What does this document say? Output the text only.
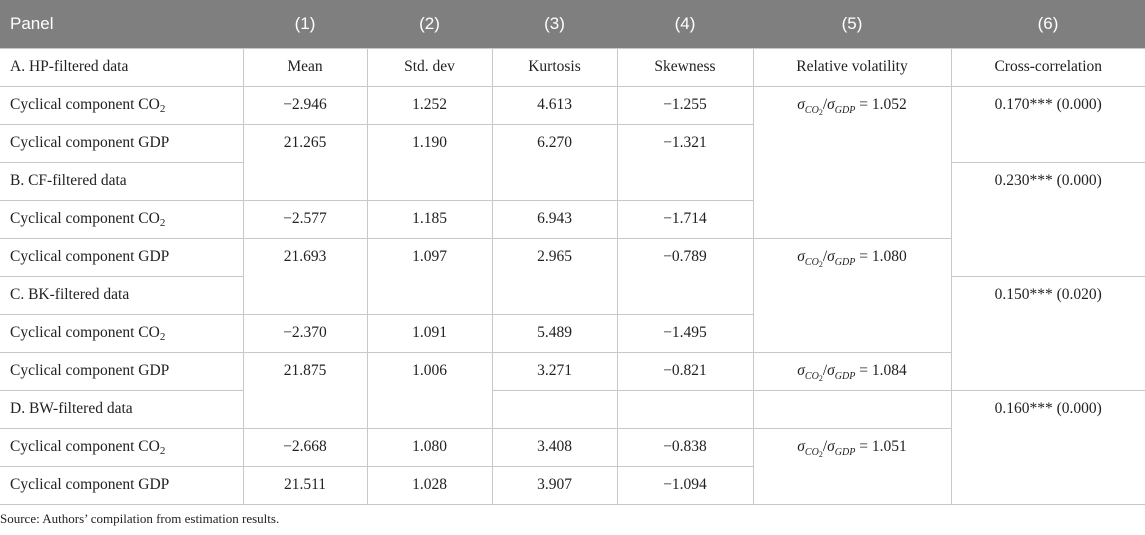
Panel	(1)	(2)	(3)	(4)	(5)	(6)
A. HP-filtered data	Mean	Std. dev	Kurtosis	Skewness	Relative volatility	Cross-correlation
Cyclical component $CO_2$	−2.946	1.252	4.613	−1.255	$\sigma_{CO_2}/\sigma_{GDP} = 1.052$	0.170*** (0.000)
Cyclical component GDP	21.265	1.190	6.270	−1.321		
B. CF-filtered data						0.230*** (0.000)
Cyclical component $CO_2$	−2.577	1.185	6.943	−1.714		
Cyclical component GDP	21.693	1.097	2.965	−0.789	$\sigma_{CO_2}/\sigma_{GDP} = 1.080$	
C. BK-filtered data						0.150*** (0.020)
Cyclical component $CO_2$	−2.370	1.091	5.489	−1.495		
Cyclical component GDP	21.875	1.006	3.271	−0.821	$\sigma_{CO_2}/\sigma_{GDP} = 1.084$	
D. BW-filtered data						0.160*** (0.000)
Cyclical component $CO_2$	−2.668	1.080	3.408	−0.838	$\sigma_{CO_2}/\sigma_{GDP} = 1.051$	
Cyclical component GDP	21.511	1.028	3.907	−1.094		

Source: Authors’ compilation from estimation results.
